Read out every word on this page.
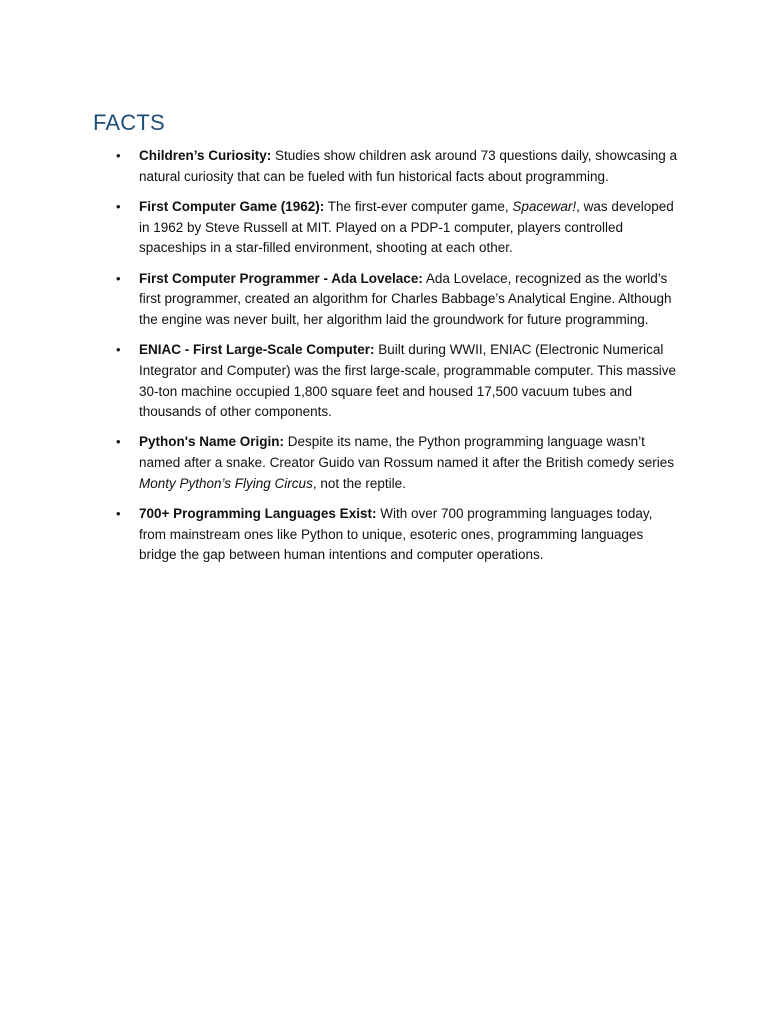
FACTS
• Children’s Curiosity: Studies show children ask around 73 questions daily, showcasing a natural curiosity that can be fueled with fun historical facts about programming.
• First Computer Game (1962): The first-ever computer game, Spacewar!, was developed in 1962 by Steve Russell at MIT. Played on a PDP-1 computer, players controlled spaceships in a star-filled environment, shooting at each other.
• First Computer Programmer - Ada Lovelace: Ada Lovelace, recognized as the world’s first programmer, created an algorithm for Charles Babbage’s Analytical Engine. Although the engine was never built, her algorithm laid the groundwork for future programming.
• ENIAC - First Large-Scale Computer: Built during WWII, ENIAC (Electronic Numerical Integrator and Computer) was the first large-scale, programmable computer. This massive 30-ton machine occupied 1,800 square feet and housed 17,500 vacuum tubes and thousands of other components.
• Python's Name Origin: Despite its name, the Python programming language wasn’t named after a snake. Creator Guido van Rossum named it after the British comedy series Monty Python’s Flying Circus, not the reptile.
• 700+ Programming Languages Exist: With over 700 programming languages today, from mainstream ones like Python to unique, esoteric ones, programming languages bridge the gap between human intentions and computer operations.
